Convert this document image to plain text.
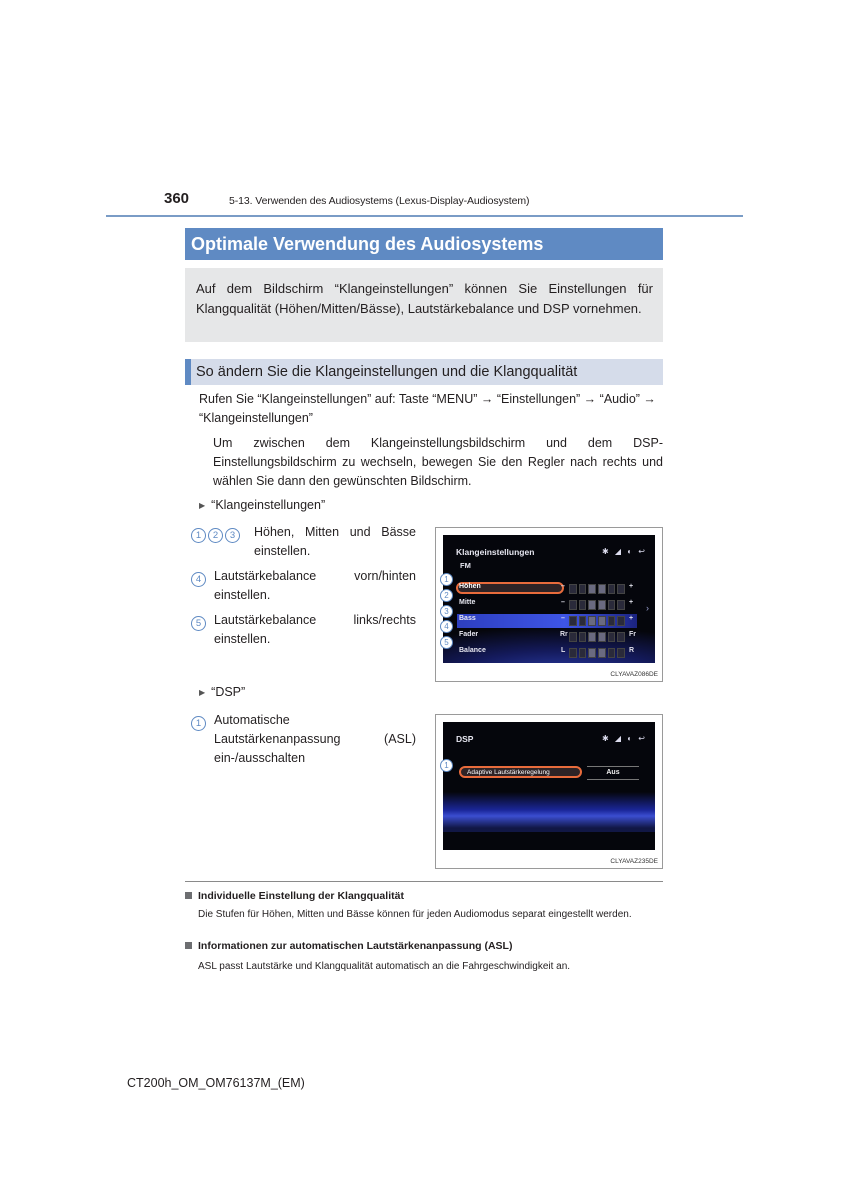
360	5-13. Verwenden des Audiosystems (Lexus-Display-Audiosystem)
Optimale Verwendung des Audiosystems
Auf dem Bildschirm “Klangeinstellungen” können Sie Einstellungen für Klangqualität (Höhen/Mitten/Bässe), Lautstärkebalance und DSP vornehmen.
So ändern Sie die Klangeinstellungen und die Klangqualität
Rufen Sie “Klangeinstellungen” auf: Taste “MENU” → “Einstellungen” → “Audio” → “Klangeinstellungen”
Um zwischen dem Klangeinstellungsbildschirm und dem DSP-Einstellungsbildschirm zu wechseln, bewegen Sie den Regler nach rechts und wählen Sie dann den gewünschten Bildschirm.
▶ “Klangeinstellungen”
1 2 3	Höhen, Mitten und Bässe einstellen.
4	Lautstärkebalance vorn/hinten einstellen.
5	Lautstärkebalance links/rechts einstellen.
Klangeinstellungen
FM
✱ ◢ ◐ ↩
Höhen	–	+
Mitte	–	+
Bass	–	+
Fader	Rr	Fr
Balance	L	R
›
CLYAVAZ086DE
1
2
3
4
5
▶ “DSP”
1	Automatische Lautstärkenanpassung (ASL) ein-/ausschalten
DSP	✱ ◢ ◐ ↩
Adaptive Lautstärkeregelung	Aus
CLYAVAZ235DE
1
Individuelle Einstellung der Klangqualität
Die Stufen für Höhen, Mitten und Bässe können für jeden Audiomodus separat eingestellt werden.
Informationen zur automatischen Lautstärkenanpassung (ASL)
ASL passt Lautstärke und Klangqualität automatisch an die Fahrgeschwindigkeit an.
CT200h_OM_OM76137M_(EM)
